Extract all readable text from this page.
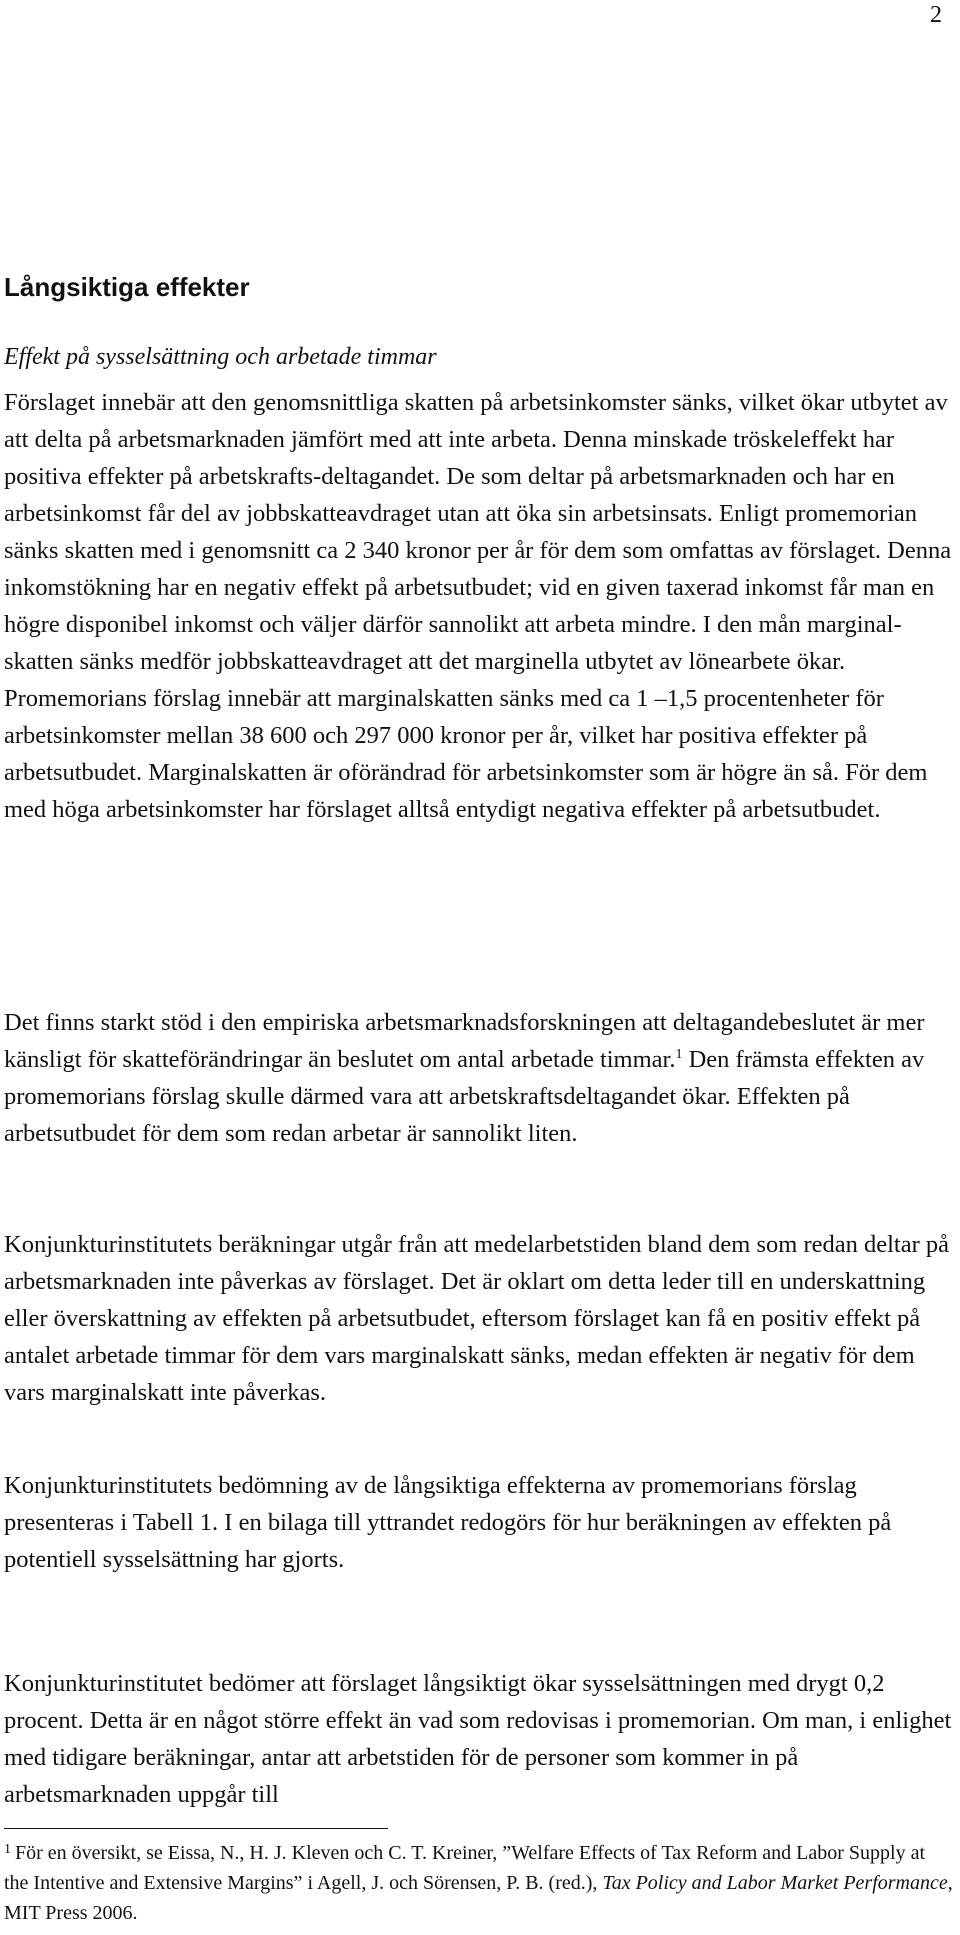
2
Långsiktiga effekter

Effekt på sysselsättning och arbetade timmar

Förslaget innebär att den genomsnittliga skatten på arbetsinkomster sänks, vilket ökar utbytet av att delta på arbetsmarknaden jämfört med att inte arbeta. Denna minskade tröskeleffekt har positiva effekter på arbetskrafts-deltagandet. De som deltar på arbetsmarknaden och har en arbetsinkomst får del av jobbskatteavdraget utan att öka sin arbetsinsats. Enligt promemorian sänks skatten med i genomsnitt ca 2 340 kronor per år för dem som omfattas av förslaget. Denna inkomstökning har en negativ effekt på arbetsutbudet; vid en given taxerad inkomst får man en högre disponibel inkomst och väljer därför sannolikt att arbeta mindre. I den mån marginal-skatten sänks medför jobbskatteavdraget att det marginella utbytet av lönearbete ökar. Promemorians förslag innebär att marginalskatten sänks med ca 1 –1,5 procentenheter för arbetsinkomster mellan 38 600 och 297 000 kronor per år, vilket har positiva effekter på arbetsutbudet. Marginalskatten är oförändrad för arbetsinkomster som är högre än så. För dem med höga arbetsinkomster har förslaget alltså entydigt negativa effekter på arbetsutbudet.

Det finns starkt stöd i den empiriska arbetsmarknadsforskningen att deltagandebeslutet är mer känsligt för skatteförändringar än beslutet om antal arbetade timmar.$^1$ Den främsta effekten av promemorians förslag skulle därmed vara att arbetskraftsdeltagandet ökar. Effekten på arbetsutbudet för dem som redan arbetar är sannolikt liten.

Konjunkturinstitutets beräkningar utgår från att medelarbetstiden bland dem som redan deltar på arbetsmarknaden inte påverkas av förslaget. Det är oklart om detta leder till en underskattning eller överskattning av effekten på arbetsutbudet, eftersom förslaget kan få en positiv effekt på antalet arbetade timmar för dem vars marginalskatt sänks, medan effekten är negativ för dem vars marginalskatt inte påverkas.

Konjunkturinstitutets bedömning av de långsiktiga effekterna av promemorians förslag presenteras i Tabell 1. I en bilaga till yttrandet redogörs för hur beräkningen av effekten på potentiell sysselsättning har gjorts.

Konjunkturinstitutet bedömer att förslaget långsiktigt ökar sysselsättningen med drygt 0,2 procent. Detta är en något större effekt än vad som redovisas i promemorian. Om man, i enlighet med tidigare beräkningar, antar att arbetstiden för de personer som kommer in på arbetsmarknaden uppgår till

$^1$ För en översikt, se Eissa, N., H. J. Kleven och C. T. Kreiner, ”Welfare Effects of Tax Reform and Labor Supply at the Intentive and Extensive Margins” i Agell, J. och Sörensen, P. B. (red.), Tax Policy and Labor Market Performance, MIT Press 2006.
